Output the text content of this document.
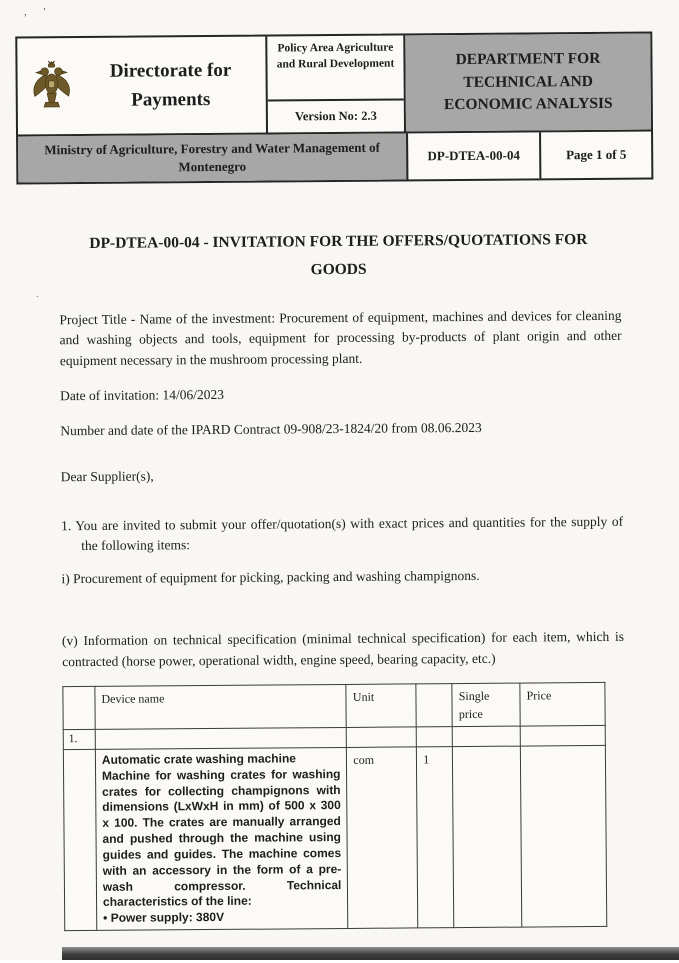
, '
Directorate for Payments
Policy Area Agriculture and Rural Development
Version No: 2.3
DEPARTMENT FOR TECHNICAL AND ECONOMIC ANALYSIS
Ministry of Agriculture, Forestry and Water Management of Montenegro
DP-DTEA-00-04	Page 1 of 5
DP-DTEA-00-04 - INVITATION FOR THE OFFERS/QUOTATIONS FOR GOODS

Project Title - Name of the investment: Procurement of equipment, machines and devices for cleaning and washing objects and tools, equipment for processing by-products of plant origin and other equipment necessary in the mushroom processing plant.

Date of invitation: 14/06/2023

Number and date of the IPARD Contract 09-908/23-1824/20 from 08.06.2023

Dear Supplier(s),

1. You are invited to submit your offer/quotation(s) with exact prices and quantities for the supply of the following items:

i) Procurement of equipment for picking, packing and washing champignons.

(v) Information on technical specification (minimal technical specification) for each item, which is contracted (horse power, operational width, engine speed, bearing capacity, etc.)

	Device name	Unit		Single price	Price
1.					

	Automatic crate washing machine
Machine for washing crates for washing crates for collecting champignons with dimensions (LxWxH in mm) of 500 x 300 x 100. The crates are manually arranged and pushed through the machine using guides and guides. The machine comes with an accessory in the form of a pre-wash compressor. Technical characteristics of the line:
• Power supply: 380V	com	1		
.
